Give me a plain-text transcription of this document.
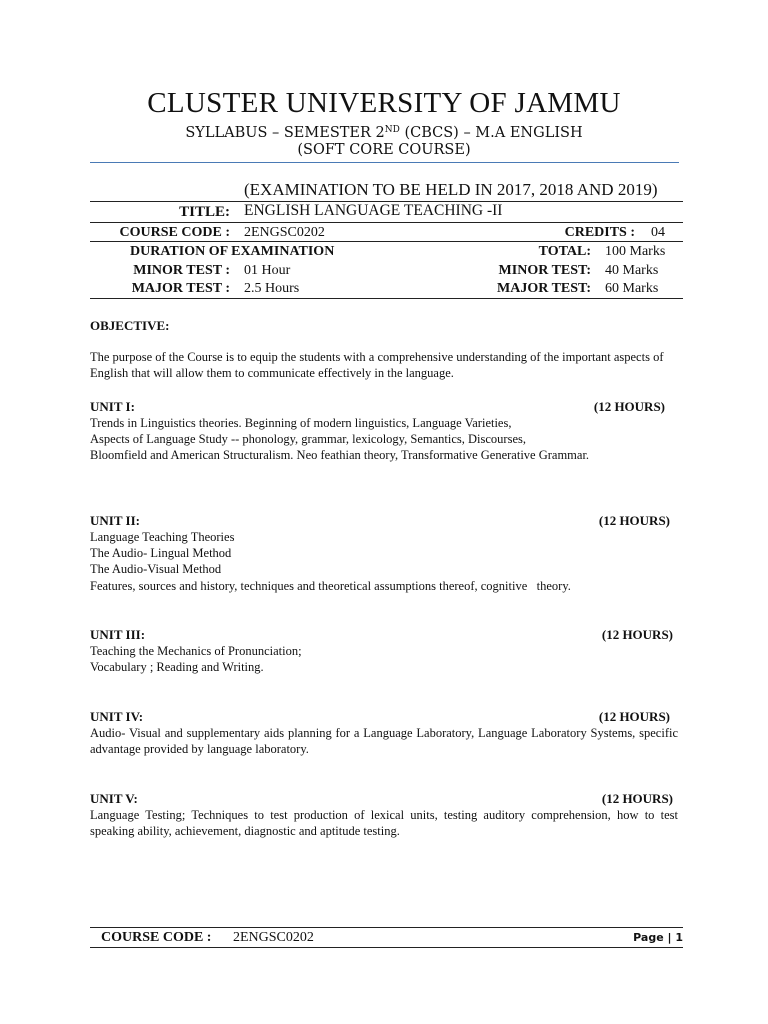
CLUSTER UNIVERSITY OF JAMMU
SYLLABUS – SEMESTER 2ND (CBCS) – M.A ENGLISH
(SOFT CORE COURSE)
(EXAMINATION TO BE HELD IN 2017, 2018 AND 2019)
TITLE: ENGLISH LANGUAGE TEACHING -II
COURSE CODE : 2ENGSC0202	CREDITS : 04
DURATION OF EXAMINATION	TOTAL: 100 Marks
MINOR TEST : 01 Hour	MINOR TEST: 40 Marks
MAJOR TEST : 2.5 Hours	MAJOR TEST: 60 Marks
OBJECTIVE:
The purpose of the Course is to equip the students with a comprehensive understanding of the important aspects of English that will allow them to communicate effectively in the language.
UNIT I:	(12 HOURS)
Trends in Linguistics theories. Beginning of modern linguistics, Language Varieties,
Aspects of Language Study -- phonology, grammar, lexicology, Semantics, Discourses,
Bloomfield and American Structuralism. Neo feathian theory, Transformative Generative Grammar.
UNIT II:	(12 HOURS)
Language Teaching Theories
The Audio- Lingual Method
The Audio-Visual Method
Features, sources and history, techniques and theoretical assumptions thereof, cognitive   theory.
UNIT III:	(12 HOURS)
Teaching the Mechanics of Pronunciation;
Vocabulary ; Reading and Writing.
UNIT IV:	(12 HOURS)
Audio- Visual and supplementary aids planning for a Language Laboratory, Language Laboratory Systems, specific advantage provided by language laboratory.
UNIT V:	(12 HOURS)
Language Testing; Techniques to test production of lexical units, testing auditory comprehension, how to test speaking ability, achievement, diagnostic and aptitude testing.
COURSE CODE : 2ENGSC0202	Page | 1
